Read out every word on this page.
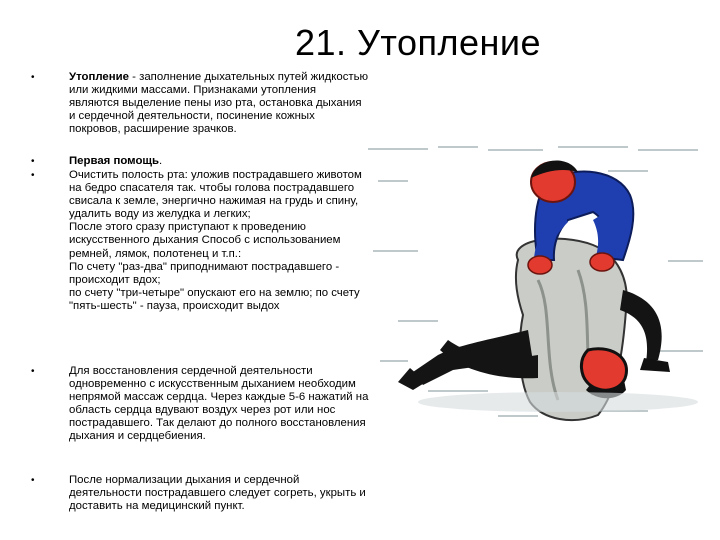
21. Утопление
•	Утопление - заполнение дыхательных путей жидкостью или жидкими массами. Признаками утопления являются выделение пены изо рта, остановка дыхания и сердечной деятельности, посинение кожных покровов, расширение зрачков.
•	Первая помощь.
•	Очистить полость рта: уложив пострадавшего животом на бедро спасателя так. чтобы голова пострадавшего свисала к земле, энергично нажимая на грудь и спину, удалить воду из желудка и легких;
После этого сразу приступают к проведению искусственного дыхания Способ с использованием
ремней, лямок, полотенец и т.п.:
По счету "раз-два" приподнимают пострадавшего - происходит вдох;
по счету "три-четыре" опускают его на землю; по счету "пять-шесть" - пауза, происходит выдох
•	Для восстановления сердечной деятельности одновременно с искусственным дыханием необходим непрямой массаж сердца. Через каждые 5-6 нажатий на область сердца вдувают воздух через рот или нос пострадавшего. Так делают до полного восстановления дыхания и сердцебиения.
•	После нормализации дыхания и сердечной деятельности пострадавшего следует согреть, укрыть и доставить на медицинский пункт.
